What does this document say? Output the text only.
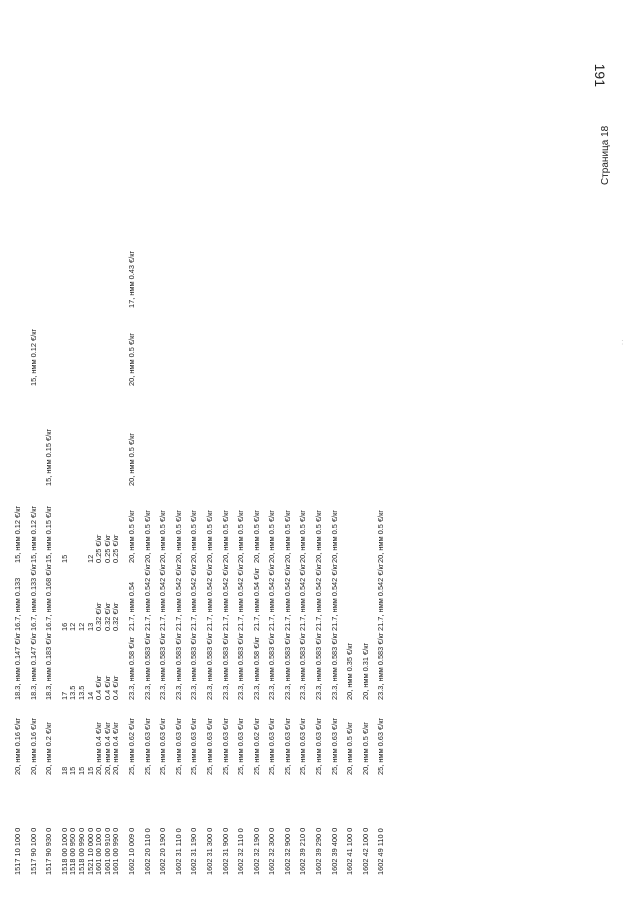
1517 10 100 0	20, нмм 0.16 €/кг	18.3, нмм 0.147 €/кг	16.7, нмм 0.133	15, нмм 0.12 €/кг				
1517 90 100 0	20, нмм 0.16 €/кг	18.3, нмм 0.147 €/кг	16.7, нмм 0.133 €/кг	15, нмм 0.12 €/кг		15, нмм 0.12 €/кг		
1517 90 930 0	20, нмм 0.2 €/кг	18.3, нмм 0.183 €/кг	16.7, нмм 0.168 €/кг	15, нмм 0.15 €/кг	15, нмм 0.15 €/кг			
1518 00 100 0	18	17	16	15				
1518 00 950 0	15	13.5	12					
1518 00 990 0	15	13.5	12					
1521 10 000 0	15	14	13	12				
1601 00 100 0	20, нмм 0.4 €/кг	0.4 €/кг	0.32 €/кг	0.25 €/кг				
1601 00 910 0	20, нмм 0.4 €/кг	0.4 €/кг	0.32 €/кг	0.25 €/кг				
1601 00 990 0	20, нмм 0.4 €/кг	0.4 €/кг	0.32 €/кг	0.25 €/кг				
1602 10 009 0	25, нмм 0.62 €/кг	23.3, нмм 0.58 €/кг	21.7, нмм 0.54	20, нмм 0.5 €/кг	20, нмм 0.5 €/кг	20, нмм 0.5 €/кг	17, нмм 0.43 €/кг	
1602 20 110 0	25, нмм 0.63 €/кг	23.3, нмм 0.583 €/кг	21.7, нмм 0.542 €/кг	20, нмм 0.5 €/кг				
1602 20 190 0	25, нмм 0.63 €/кг	23.3, нмм 0.583 €/кг	21.7, нмм 0.542 €/кг	20, нмм 0.5 €/кг				
1602 31 110 0	25, нмм 0.63 €/кг	23.3, нмм 0.583 €/кг	21.7, нмм 0.542 €/кг	20, нмм 0.5 €/кг				
1602 31 190 0	25, нмм 0.63 €/кг	23.3, нмм 0.583 €/кг	21.7, нмм 0.542 €/кг	20, нмм 0.5 €/кг				
1602 31 300 0	25, нмм 0.63 €/кг	23.3, нмм 0.583 €/кг	21.7, нмм 0.542 €/кг	20, нмм 0.5 €/кг				
1602 31 900 0	25, нмм 0.63 €/кг	23.3, нмм 0.583 €/кг	21.7, нмм 0.542 €/кг	20, нмм 0.5 €/кг				
1602 32 110 0	25, нмм 0.63 €/кг	23.3, нмм 0.583 €/кг	21.7, нмм 0.542 €/кг	20, нмм 0.5 €/кг				
1602 32 190 0	25, нмм 0.62 €/кг	23.3, нмм 0.58 €/кг	21.7, нмм 0.54 €/кг	20, нмм 0.5 €/кг				
1602 32 300 0	25, нмм 0.63 €/кг	23.3, нмм 0.583 €/кг	21.7, нмм 0.542 €/кг	20, нмм 0.5 €/кг				
1602 32 900 0	25, нмм 0.63 €/кг	23.3, нмм 0.583 €/кг	21.7, нмм 0.542 €/кг	20, нмм 0.5 €/кг				
1602 39 210 0	25, нмм 0.63 €/кг	23.3, нмм 0.583 €/кг	21.7, нмм 0.542 €/кг	20, нмм 0.5 €/кг				
1602 39 290 0	25, нмм 0.63 €/кг	23.3, нмм 0.583 €/кг	21.7, нмм 0.542 €/кг	20, нмм 0.5 €/кг				
1602 39 400 0	25, нмм 0.63 €/кг	23.3, нмм 0.583 €/кг	21.7, нмм 0.542 €/кг	20, нмм 0.5 €/кг				
1602 41 100 0	20, нмм 0.5 €/кг	20, нмм 0.35 €/кг						
1602 42 100 0	20, нмм 0.5 €/кг	20, нмм 0.31 €/кг						
1602 49 110 0	25, нмм 0.63 €/кг	23.3, нмм 0.583 €/кг	21.7, нмм 0.542 €/кг	20, нмм 0.5 €/кг				
Страница 18
191
· ·
